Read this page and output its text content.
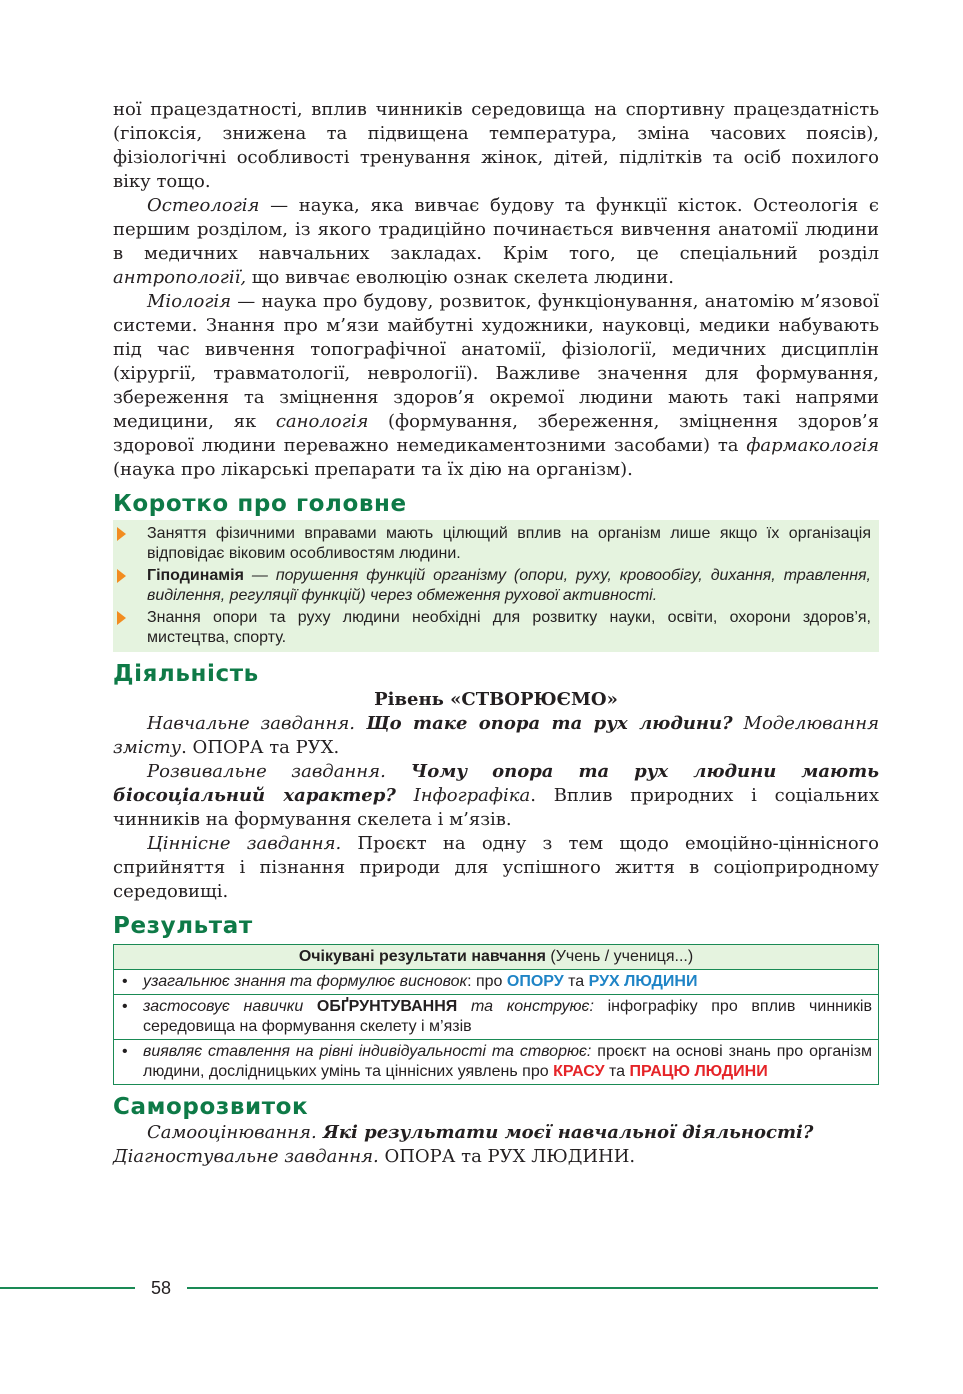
ної працездатності, вплив чинників середовища на спортивну працездатність (гіпоксія, знижена та підвищена температура, зміна часових поясів), фізіологічні особливості тренування жінок, дітей, підлітків та осіб похилого віку тощо.

Остеологія — наука, яка вивчає будову та функції кісток. Остеологія є першим розділом, із якого традиційно починається вивчення анатомії людини в медичних навчальних закладах. Крім того, це спеціальний розділ антропології, що вивчає еволюцію ознак скелета людини.

Міологія — наука про будову, розвиток, функціонування, анатомію м’язової системи. Знання про м’язи майбутні художники, науковці, медики набувають під час вивчення топографічної анатомії, фізіології, медичних дисциплін (хірургії, травматології, неврології). Важливе значення для формування, збереження та зміцнення здоров’я окремої людини мають такі напрями медицини, як санологія (формування, збереження, зміцнення здоров’я здорової людини переважно немедикаментозними засобами) та фармакологія (наука про лікарські препарати та їх дію на організм).

Коротко про головне

Заняття фізичними вправами мають цілющий вплив на організм лише якщо їх організація відповідає віковим особливостям людини.

Гіподинамія — порушення функцій організму (опори, руху, кровообігу, дихання, травлення, виділення, регуляції функцій) через обмеження рухової активності.

Знання опори та руху людини необхідні для розвитку науки, освіти, охорони здоров’я, мистецтва, спорту.

Діяльність

Рівень «СТВОРЮЄМО»

Навчальне завдання. Що таке опора та рух людини? Моделювання змісту. ОПОРА та РУХ.

Розвивальне завдання. Чому опора та рух людини мають біосоціальний характер? Інфографіка. Вплив природних і соціальних чинників на формування скелета і м’язів.

Ціннісне завдання. Проєкт на одну з тем щодо емоційно-ціннісного сприйняття і пізнання природи для успішного життя в соціоприродному середовищі.

Результат
Очікувані результати навчання (Учень / учениця...)

• узагальнює знання та формулює висновок: про ОПОРУ та РУХ ЛЮДИНИ

• застосовує навички ОБҐРУНТУВАННЯ та конструює: інфографіку про вплив чинників середовища на формування скелету і м’язів

• виявляє ставлення на рівні індивідуальності та створює: проєкт на основі знань про організм людини, дослідницьких умінь та ціннісних уявлень про КРАСУ та ПРАЦЮ ЛЮДИНИ
Саморозвиток

Самооцінювання. Які результати моєї навчальної діяльності?

Діагностувальне завдання. ОПОРА та РУХ ЛЮДИНИ.

58
